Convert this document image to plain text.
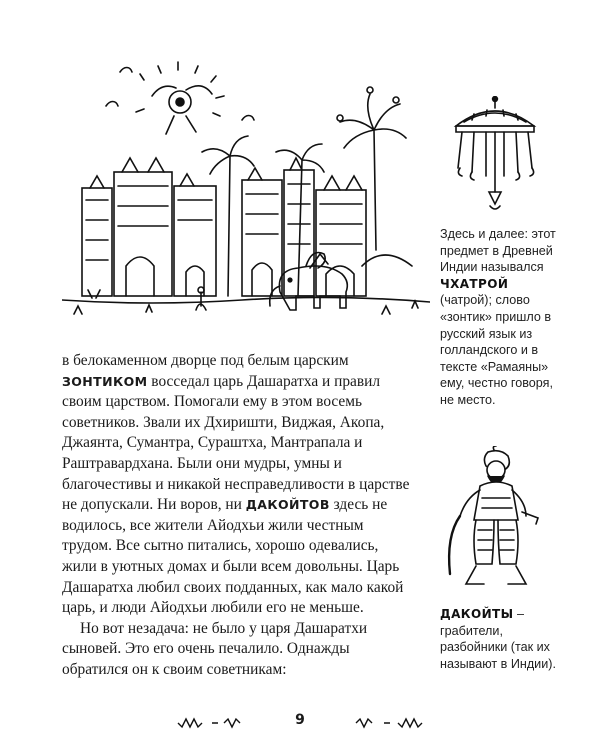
в белокаменном дворце под белым царским ЗОНТИКОМ восседал царь Дашаратха и правил своим царством. Помогали ему в этом восемь советников. Звали их Дхиришти, Виджая, Акопа, Джаянта, Сумантра, Сураштха, Мантрапала и Раштравардхана. Были они мудры, умны и благочестивы и никакой несправедливости в царстве не допускали. Ни воров, ни ДАКОЙТОВ здесь не водилось, все жители Айодхьи жили честным трудом. Все сытно питались, хорошо одевались, жили в уютных домах и были всем довольны. Царь Дашаратха любил своих подданных, как мало какой царь, и люди Айодхьи любили его не меньше.

Но вот незадача: не было у царя Дашаратхи сыновей. Это его очень печалило. Однажды обратился он к своим советникам:

Здесь и далее: этот предмет в Древней Индии назывался
ЧХАТРОЙ
(чатрой); слово «зонтик» пришло в русский язык из голландского и в тексте «Рамаяны» ему, честно говоря, не место.
ДАКОЙТЫ – грабители, разбойники (так их называют в Индии).
9
